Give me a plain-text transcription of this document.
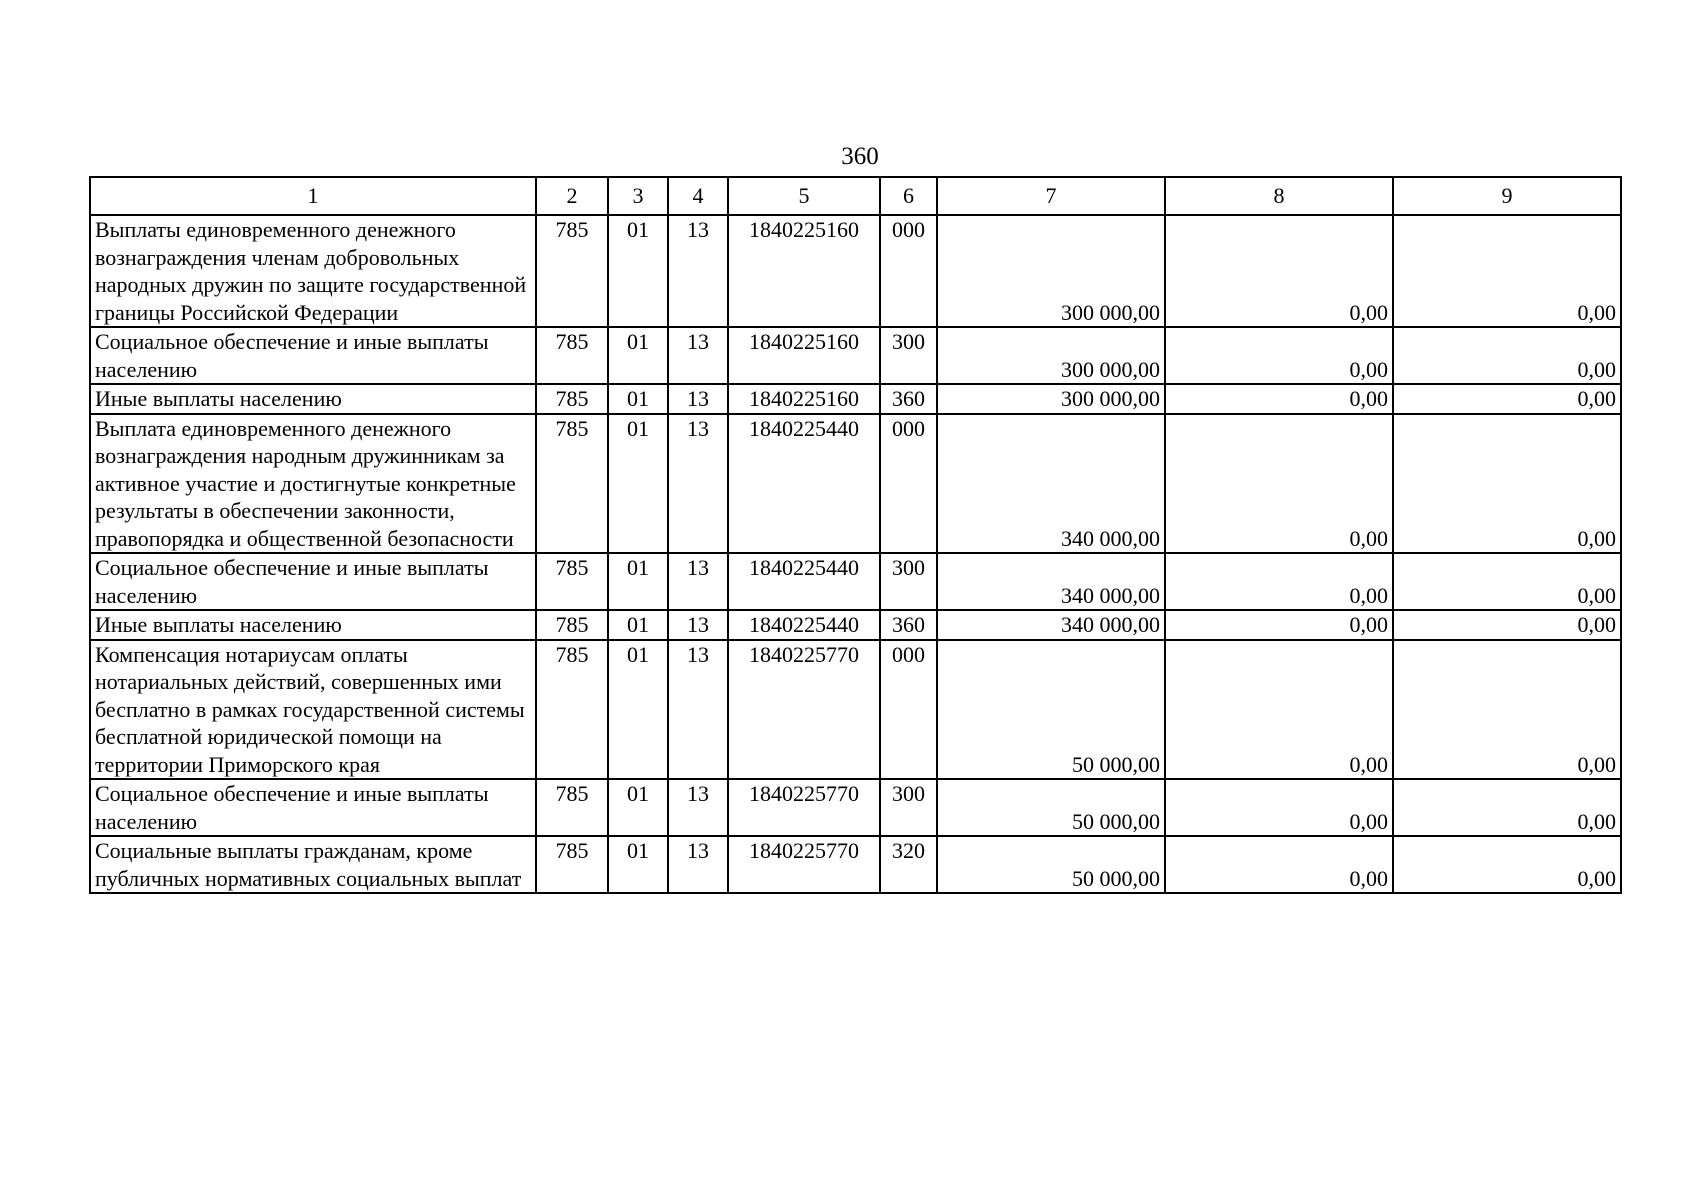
360
1	2	3	4	5	6	7	8	9
Выплаты единовременного денежного вознаграждения членам добровольных народных дружин по защите государственной границы Российской Федерации	785	01	13	1840225160	000	300 000,00	0,00	0,00
Социальное обеспечение и иные выплаты населению	785	01	13	1840225160	300	300 000,00	0,00	0,00
Иные выплаты населению	785	01	13	1840225160	360	300 000,00	0,00	0,00
Выплата единовременного денежного вознаграждения народным дружинникам за активное участие и достигнутые конкретные результаты в обеспечении законности, правопорядка и общественной безопасности	785	01	13	1840225440	000	340 000,00	0,00	0,00
Социальное обеспечение и иные выплаты населению	785	01	13	1840225440	300	340 000,00	0,00	0,00
Иные выплаты населению	785	01	13	1840225440	360	340 000,00	0,00	0,00
Компенсация нотариусам оплаты нотариальных действий, совершенных ими бесплатно в рамках государственной системы бесплатной юридической помощи на территории Приморского края	785	01	13	1840225770	000	50 000,00	0,00	0,00
Социальное обеспечение и иные выплаты населению	785	01	13	1840225770	300	50 000,00	0,00	0,00
Социальные выплаты гражданам, кроме публичных нормативных социальных выплат	785	01	13	1840225770	320	50 000,00	0,00	0,00
